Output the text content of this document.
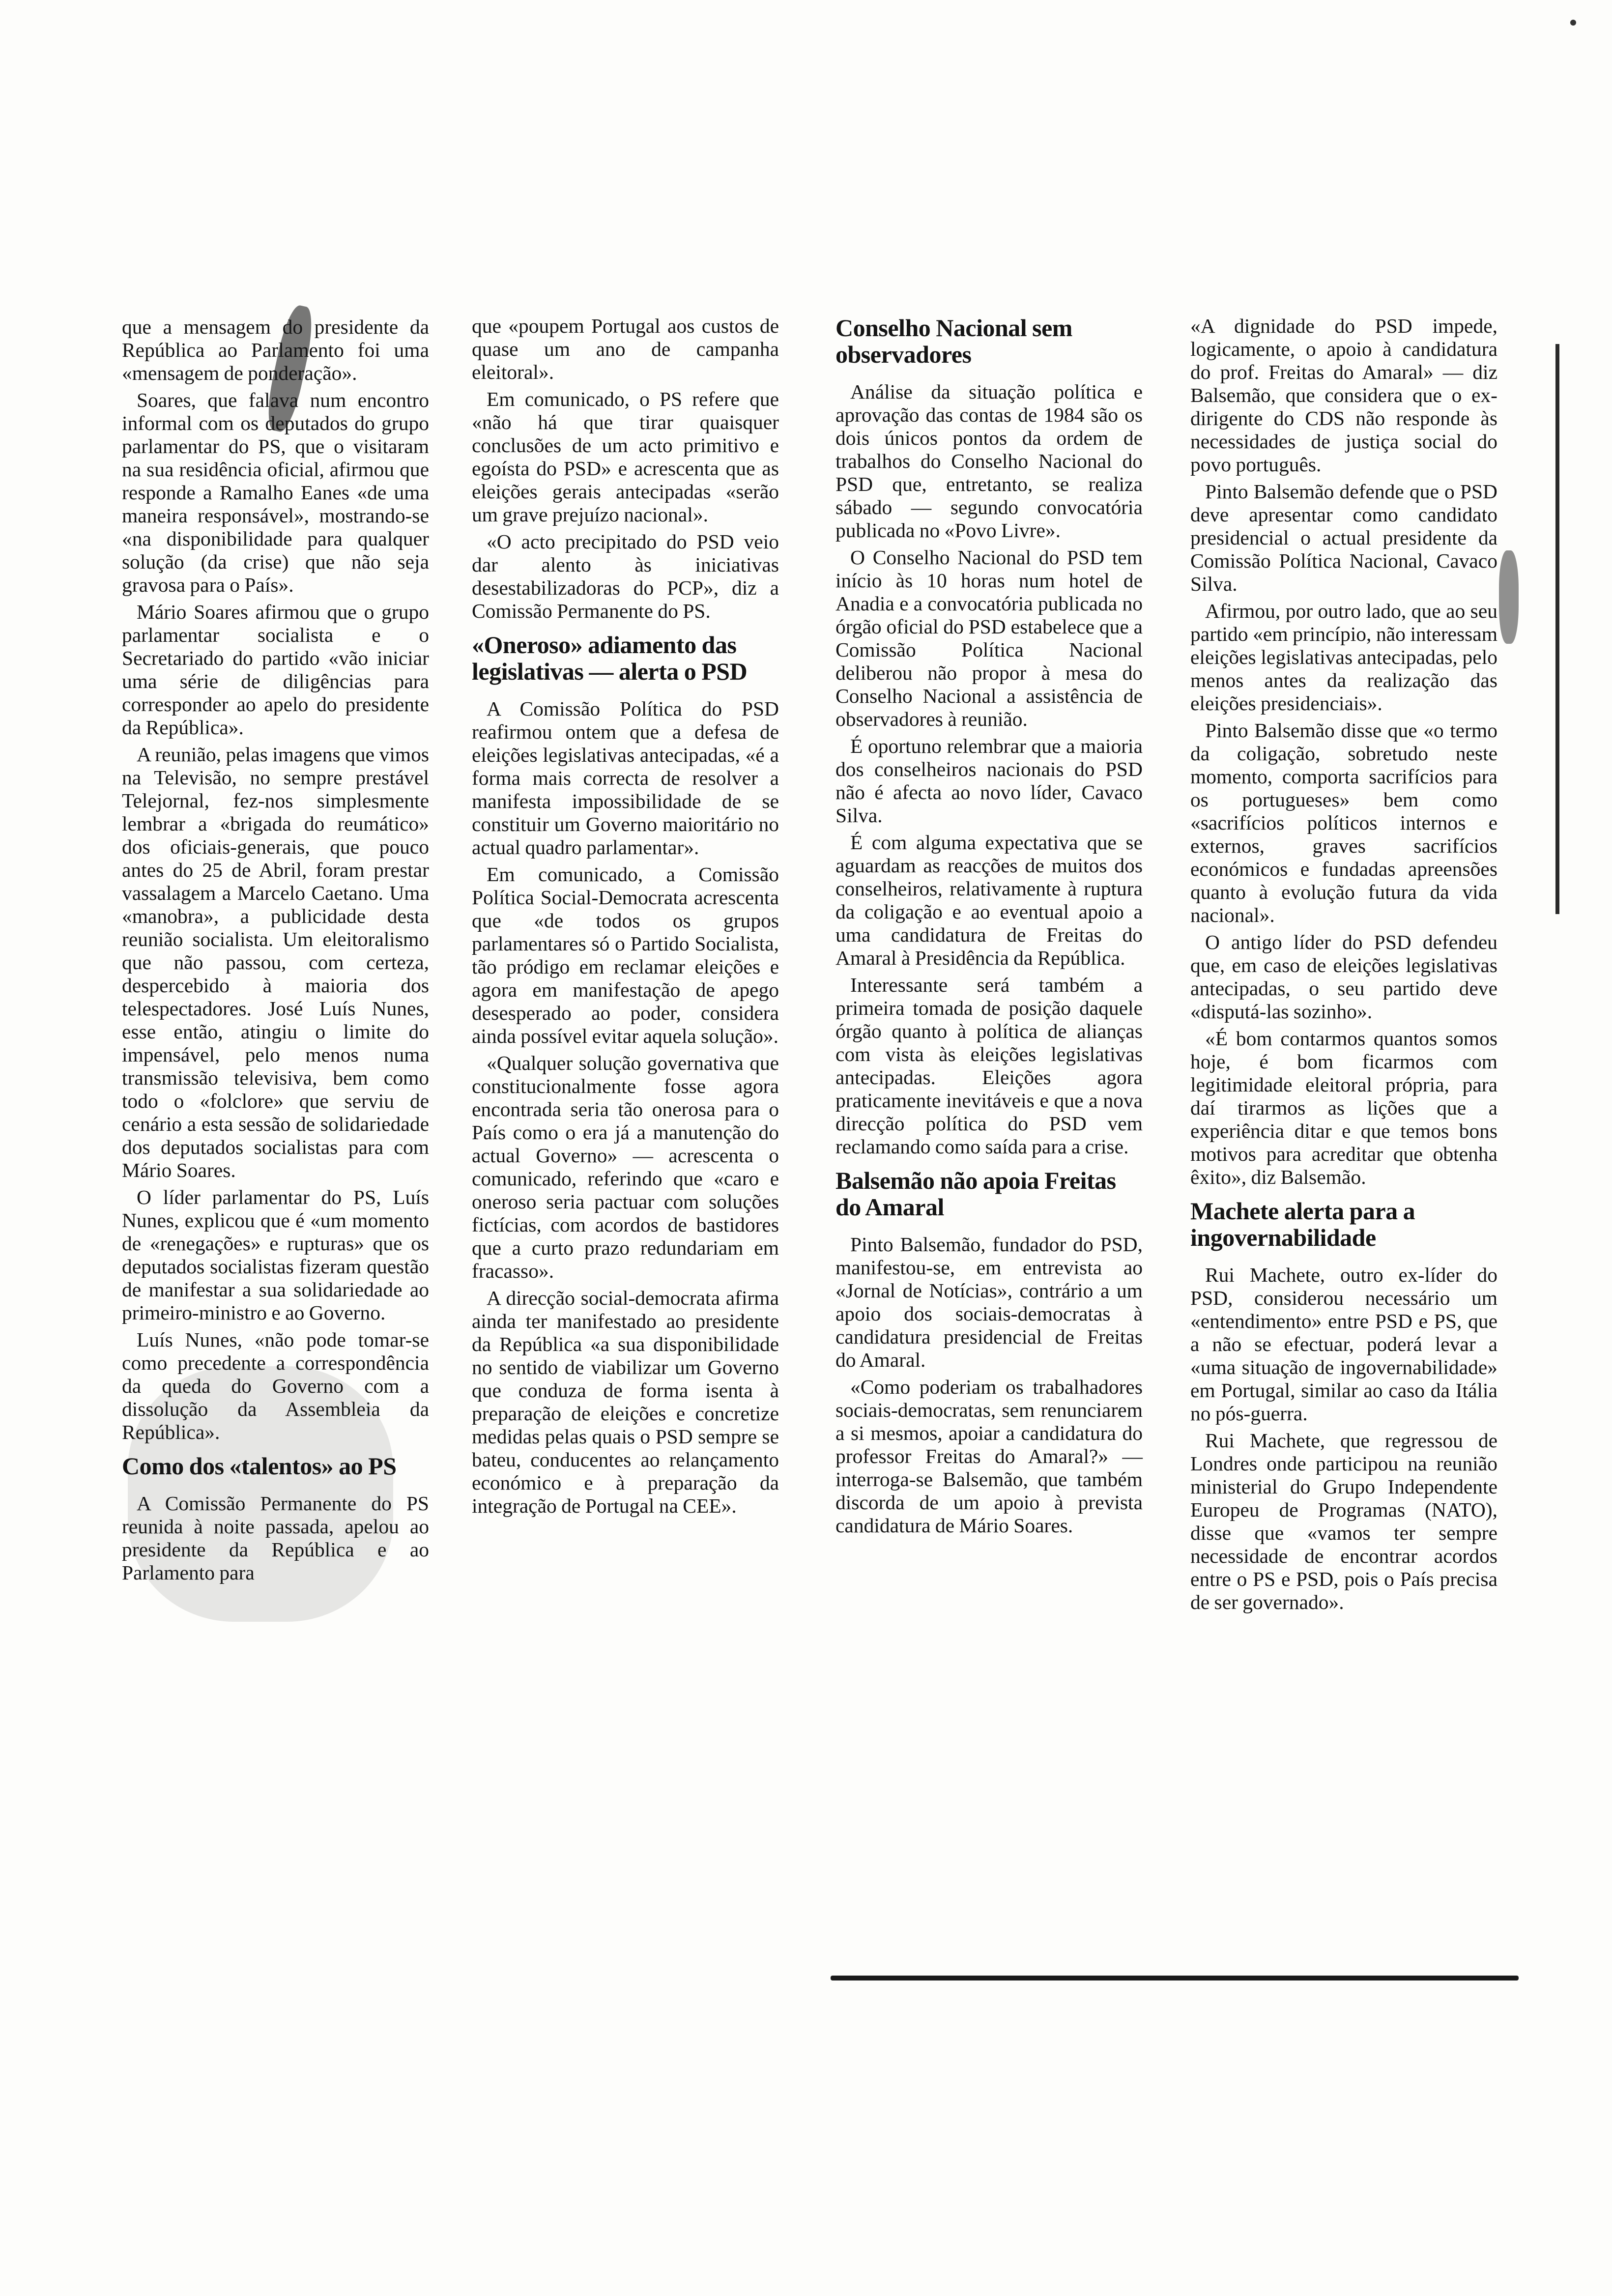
que a mensagem do presidente da República ao Parlamento foi uma «mensagem de ponderação».

Soares, que falava num encontro informal com os deputados do grupo parlamentar do PS, que o visitaram na sua residência oficial, afirmou que responde a Ramalho Eanes «de uma maneira responsável», mostrando-se «na disponibilidade para qualquer solução (da crise) que não seja gravosa para o País».

Mário Soares afirmou que o grupo parlamentar socialista e o Secretariado do partido «vão iniciar uma série de diligências para corresponder ao apelo do presidente da República».

A reunião, pelas imagens que vimos na Televisão, no sempre prestável Telejornal, fez-nos simplesmente lembrar a «brigada do reumático» dos oficiais-generais, que pouco antes do 25 de Abril, foram prestar vassalagem a Marcelo Caetano. Uma «manobra», a publicidade desta reunião socialista. Um eleitoralismo que não passou, com certeza, despercebido à maioria dos telespectadores. José Luís Nunes, esse então, atingiu o limite do impensável, pelo menos numa transmissão televisiva, bem como todo o «folclore» que serviu de cenário a esta sessão de solidariedade dos deputados socialistas para com Mário Soares.

O líder parlamentar do PS, Luís Nunes, explicou que é «um momento de «renegações» e rupturas» que os deputados socialistas fizeram questão de manifestar a sua solidariedade ao primeiro-ministro e ao Governo.

Luís Nunes, «não pode tomar-se como precedente a correspondência da queda do Governo com a dissolução da Assembleia da República».

Como dos «talentos» ao PS

A Comissão Permanente do PS reunida à noite passada, apelou ao presidente da República e ao Parlamento para

que «poupem Portugal aos custos de quase um ano de campanha eleitoral».

Em comunicado, o PS refere que «não há que tirar quaisquer conclusões de um acto primitivo e egoísta do PSD» e acrescenta que as eleições gerais antecipadas «serão um grave prejuízo nacional».

«O acto precipitado do PSD veio dar alento às iniciativas desestabilizadoras do PCP», diz a Comissão Permanente do PS.

«Oneroso» adiamento das legislativas — alerta o PSD

A Comissão Política do PSD reafirmou ontem que a defesa de eleições legislativas antecipadas, «é a forma mais correcta de resolver a manifesta impossibilidade de se constituir um Governo maioritário no actual quadro parlamentar».

Em comunicado, a Comissão Política Social-Democrata acrescenta que «de todos os grupos parlamentares só o Partido Socialista, tão pródigo em reclamar eleições e agora em manifestação de apego desesperado ao poder, considera ainda possível evitar aquela solução».

«Qualquer solução governativa que constitucionalmente fosse agora encontrada seria tão onerosa para o País como o era já a manutenção do actual Governo» — acrescenta o comunicado, referindo que «caro e oneroso seria pactuar com soluções fictícias, com acordos de bastidores que a curto prazo redundariam em fracasso».

A direcção social-democrata afirma ainda ter manifestado ao presidente da República «a sua disponibilidade no sentido de viabilizar um Governo que conduza de forma isenta à preparação de eleições e concretize medidas pelas quais o PSD sempre se bateu, conducentes ao relançamento económico e à preparação da integração de Portugal na CEE».

Conselho Nacional sem observadores

Análise da situação política e aprovação das contas de 1984 são os dois únicos pontos da ordem de trabalhos do Conselho Nacional do PSD que, entretanto, se realiza sábado — segundo convocatória publicada no «Povo Livre».

O Conselho Nacional do PSD tem início às 10 horas num hotel de Anadia e a convocatória publicada no órgão oficial do PSD estabelece que a Comissão Política Nacional deliberou não propor à mesa do Conselho Nacional a assistência de observadores à reunião.

É oportuno relembrar que a maioria dos conselheiros nacionais do PSD não é afecta ao novo líder, Cavaco Silva.

É com alguma expectativa que se aguardam as reacções de muitos dos conselheiros, relativamente à ruptura da coligação e ao eventual apoio a uma candidatura de Freitas do Amaral à Presidência da República.

Interessante será também a primeira tomada de posição daquele órgão quanto à política de alianças com vista às eleições legislativas antecipadas. Eleições agora praticamente inevitáveis e que a nova direcção política do PSD vem reclamando como saída para a crise.

Balsemão não apoia Freitas do Amaral

Pinto Balsemão, fundador do PSD, manifestou-se, em entrevista ao «Jornal de Notícias», contrário a um apoio dos sociais-democratas à candidatura presidencial de Freitas do Amaral.

«Como poderiam os trabalhadores sociais-democratas, sem renunciarem a si mesmos, apoiar a candidatura do professor Freitas do Amaral?» — interroga-se Balsemão, que também discorda de um apoio à prevista candidatura de Mário Soares.

«A dignidade do PSD impede, logicamente, o apoio à candidatura do prof. Freitas do Amaral» — diz Balsemão, que considera que o ex-dirigente do CDS não responde às necessidades de justiça social do povo português.

Pinto Balsemão defende que o PSD deve apresentar como candidato presidencial o actual presidente da Comissão Política Nacional, Cavaco Silva.

Afirmou, por outro lado, que ao seu partido «em princípio, não interessam eleições legislativas antecipadas, pelo menos antes da realização das eleições presidenciais».

Pinto Balsemão disse que «o termo da coligação, sobretudo neste momento, comporta sacrifícios para os portugueses» bem como «sacrifícios políticos internos e externos, graves sacrifícios económicos e fundadas apreensões quanto à evolução futura da vida nacional».

O antigo líder do PSD defendeu que, em caso de eleições legislativas antecipadas, o seu partido deve «disputá-las sozinho».

«É bom contarmos quantos somos hoje, é bom ficarmos com legitimidade eleitoral própria, para daí tirarmos as lições que a experiência ditar e que temos bons motivos para acreditar que obtenha êxito», diz Balsemão.

Machete alerta para a ingovernabilidade

Rui Machete, outro ex-líder do PSD, considerou necessário um «entendimento» entre PSD e PS, que a não se efectuar, poderá levar a «uma situação de ingovernabilidade» em Portugal, similar ao caso da Itália no pós-guerra.

Rui Machete, que regressou de Londres onde participou na reunião ministerial do Grupo Independente Europeu de Programas (NATO), disse que «vamos ter sempre necessidade de encontrar acordos entre o PS e PSD, pois o País precisa de ser governado».
